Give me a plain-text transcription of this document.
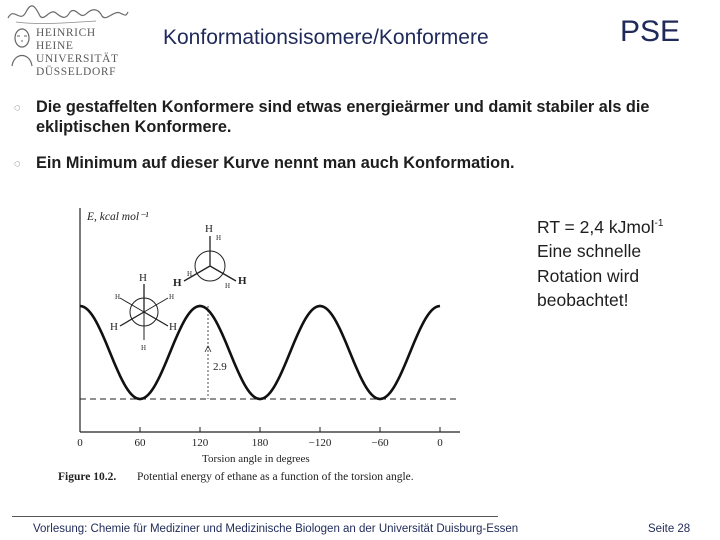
HEINRICH HEINE
UNIVERSITÄT
DÜSSELDORF
Konformationsisomere/Konformere	PSE
◌ Die gestaffelten Konformere sind etwas energieärmer und damit stabiler als die ekliptischen Konformere.
◌ Ein Minimum auf dieser Kurve nennt man auch Konformation.
E, kcal mol⁻¹
2.9
0	60	120	180	−120	−60	0
Torsion angle in degrees
H
H	H
H
H
H
H
H	H
H
H	H
Figure 10.2. Potential energy of ethane as a function of the torsion angle.
RT = 2,4 kJmol$^{-1}$
Eine schnelle
Rotation wird
beobachtet!
Vorlesung: Chemie für Mediziner und Medizinische Biologen an der Universität Duisburg-Essen	Seite 28
